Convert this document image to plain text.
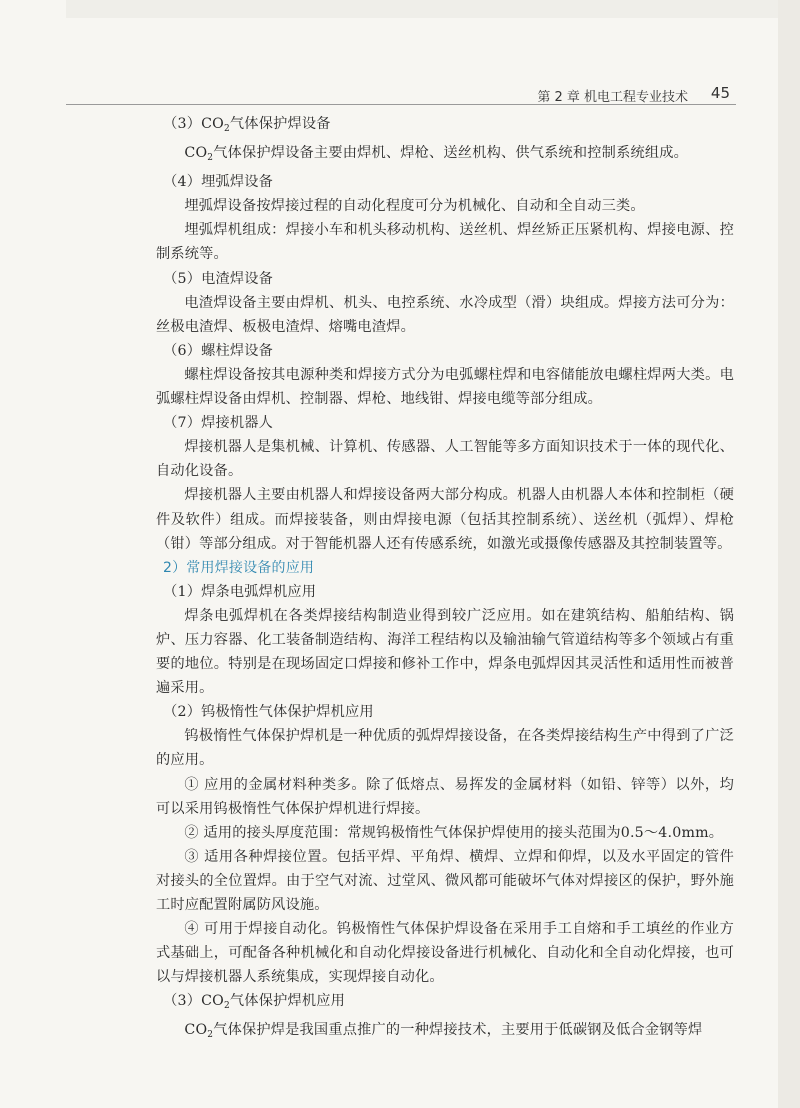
第 2 章 机电工程专业技术 45

$(3)CO_2$气体保护焊设备

$CO_2$气体保护焊设备主要由焊机、焊枪、送丝机构、供气系统和控制系统组成。

（4）埋弧焊设备

埋弧焊设备按焊接过程的自动化程度可分为机械化、自动和全自动三类。

埋弧焊机组成：焊接小车和机头移动机构、送丝机、焊丝矫正压紧机构、焊接电源、控制系统等。

（5）电渣焊设备

电渣焊设备主要由焊机、机头、电控系统、水冷成型（滑）块组成。焊接方法可分为：丝极电渣焊、板极电渣焊、熔嘴电渣焊。

（6）螺柱焊设备

螺柱焊设备按其电源种类和焊接方式分为电弧螺柱焊和电容储能放电螺柱焊两大类。电弧螺柱焊设备由焊机、控制器、焊枪、地线钳、焊接电缆等部分组成。

（7）焊接机器人

焊接机器人是集机械、计算机、传感器、人工智能等多方面知识技术于一体的现代化、自动化设备。

焊接机器人主要由机器人和焊接设备两大部分构成。机器人由机器人本体和控制柜（硬件及软件）组成。而焊接装备，则由焊接电源（包括其控制系统）、送丝机（弧焊）、焊枪（钳）等部分组成。对于智能机器人还有传感系统，如激光或摄像传感器及其控制装置等。

2）常用焊接设备的应用

（1）焊条电弧焊机应用

焊条电弧焊机在各类焊接结构制造业得到较广泛应用。如在建筑结构、船舶结构、锅炉、压力容器、化工装备制造结构、海洋工程结构以及输油输气管道结构等多个领域占有重要的地位。特别是在现场固定口焊接和修补工作中，焊条电弧焊因其灵活性和适用性而被普遍采用。

（2）钨极惰性气体保护焊机应用

钨极惰性气体保护焊机是一种优质的弧焊焊接设备，在各类焊接结构生产中得到了广泛的应用。

① 应用的金属材料种类多。除了低熔点、易挥发的金属材料（如铅、锌等）以外，均可以采用钨极惰性气体保护焊机进行焊接。

② 适用的接头厚度范围：常规钨极惰性气体保护焊使用的接头范围为0.5～4.0mm。

③ 适用各种焊接位置。包括平焊、平角焊、横焊、立焊和仰焊，以及水平固定的管件对接头的全位置焊。由于空气对流、过堂风、微风都可能破坏气体对焊接区的保护，野外施工时应配置附属防风设施。

④ 可用于焊接自动化。钨极惰性气体保护焊设备在采用手工自熔和手工填丝的作业方式基础上，可配备各种机械化和自动化焊接设备进行机械化、自动化和全自动化焊接，也可以与焊接机器人系统集成，实现焊接自动化。

$(3)CO_2$气体保护焊机应用

$CO_2$气体保护焊是我国重点推广的一种焊接技术，主要用于低碳钢及低合金钢等焊
